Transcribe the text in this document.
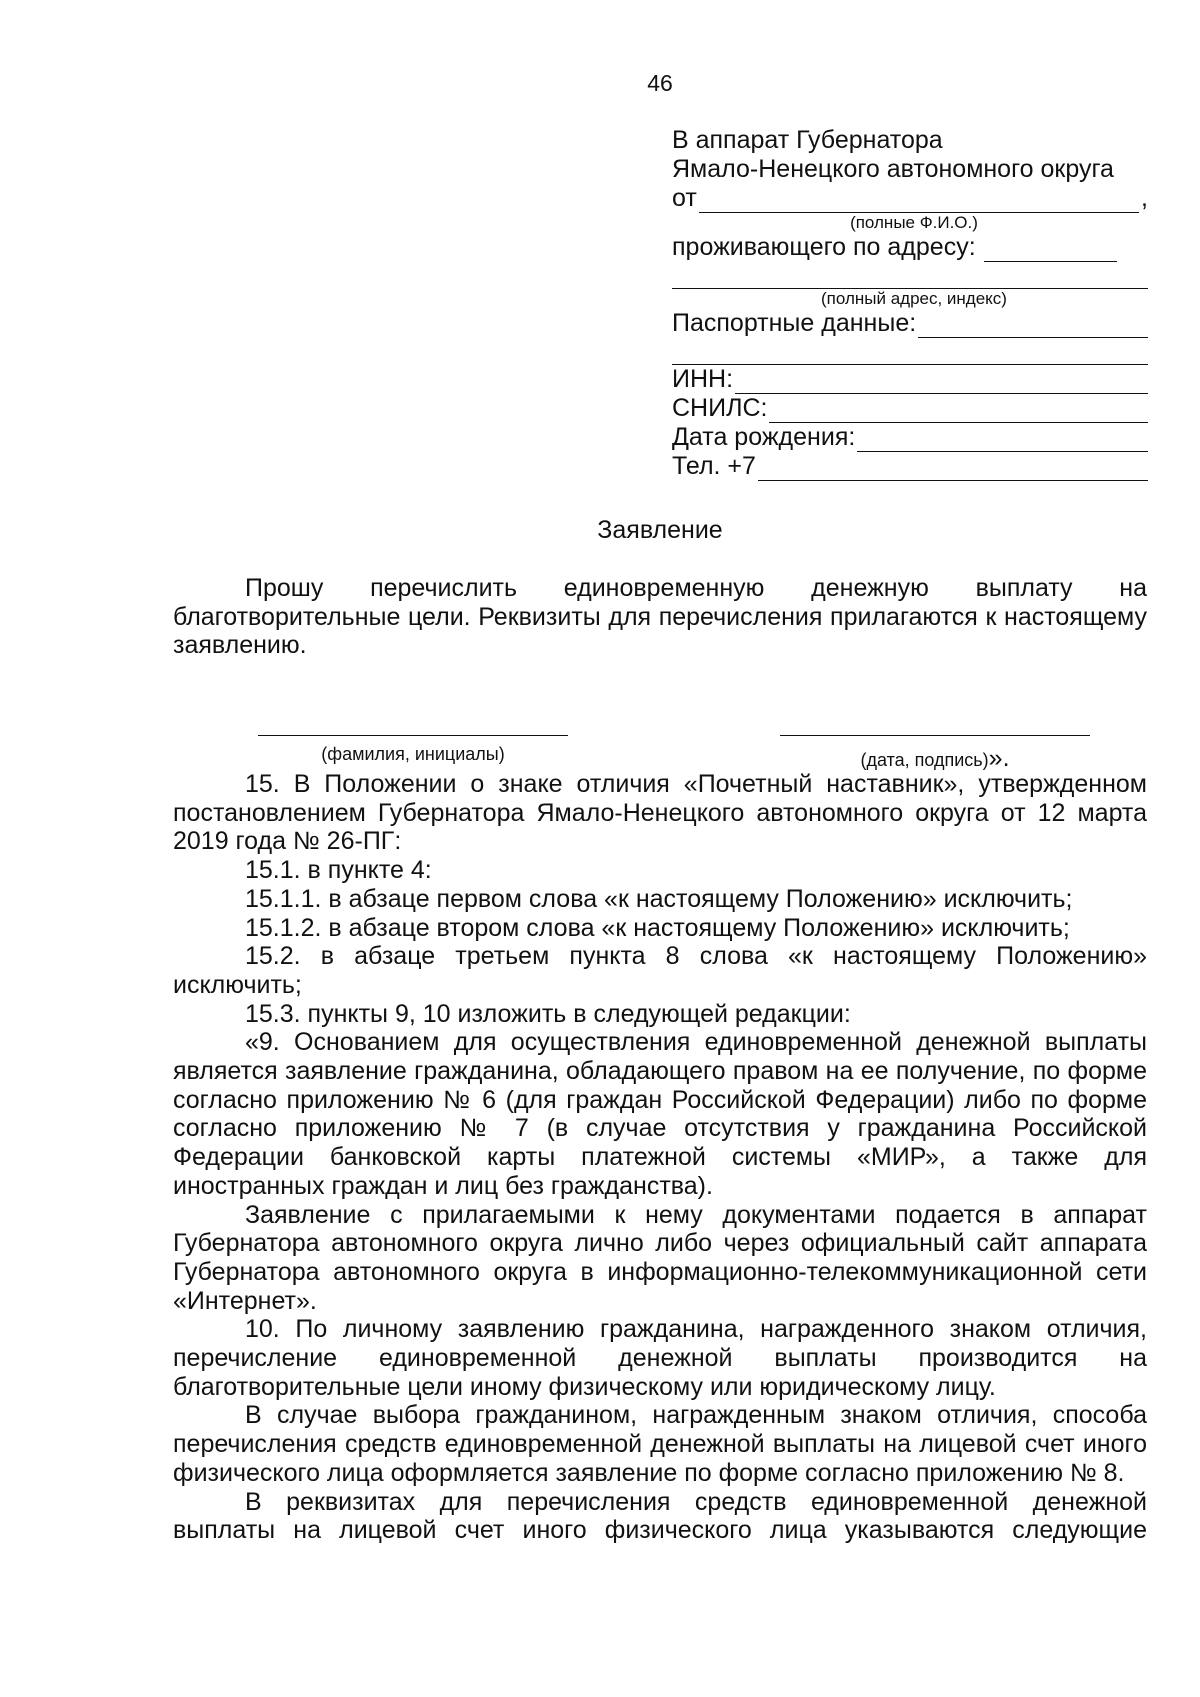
46
В аппарат Губернатора
Ямало-Ненецкого автономного округа
от	,
(полные Ф.И.О.)
проживающего по адресу:
(полный адрес, индекс)
Паспортные данные:
ИНН:
СНИЛС:
Дата рождения:
Тел. +7
Заявление

Прошу перечислить единовременную денежную выплату на благотворительные цели. Реквизиты для перечисления прилагаются к настоящему заявлению.

(фамилия, инициалы)	(дата, подпись)».

15. В Положении о знаке отличия «Почетный наставник», утвержденном постановлением Губернатора Ямало-Ненецкого автономного округа от 12 марта 2019 года № 26-ПГ:

15.1. в пункте 4:

15.1.1. в абзаце первом слова «к настоящему Положению» исключить;

15.1.2. в абзаце втором слова «к настоящему Положению» исключить;

15.2. в абзаце третьем пункта 8 слова «к настоящему Положению» исключить;

15.3. пункты 9, 10 изложить в следующей редакции:

«9. Основанием для осуществления единовременной денежной выплаты является заявление гражданина, обладающего правом на ее получение, по форме согласно приложению № 6 (для граждан Российской Федерации) либо по форме согласно приложению № 7 (в случае отсутствия у гражданина Российской Федерации банковской карты платежной системы «МИР», а также для иностранных граждан и лиц без гражданства).

Заявление с прилагаемыми к нему документами подается в аппарат Губернатора автономного округа лично либо через официальный сайт аппарата Губернатора автономного округа в информационно-телекоммуникационной сети «Интернет».

10. По личному заявлению гражданина, награжденного знаком отличия, перечисление единовременной денежной выплаты производится на благотворительные цели иному физическому или юридическому лицу.

В случае выбора гражданином, награжденным знаком отличия, способа перечисления средств единовременной денежной выплаты на лицевой счет иного физического лица оформляется заявление по форме согласно приложению № 8.

В реквизитах для перечисления средств единовременной денежной выплаты на лицевой счет иного физического лица указываются следующие
